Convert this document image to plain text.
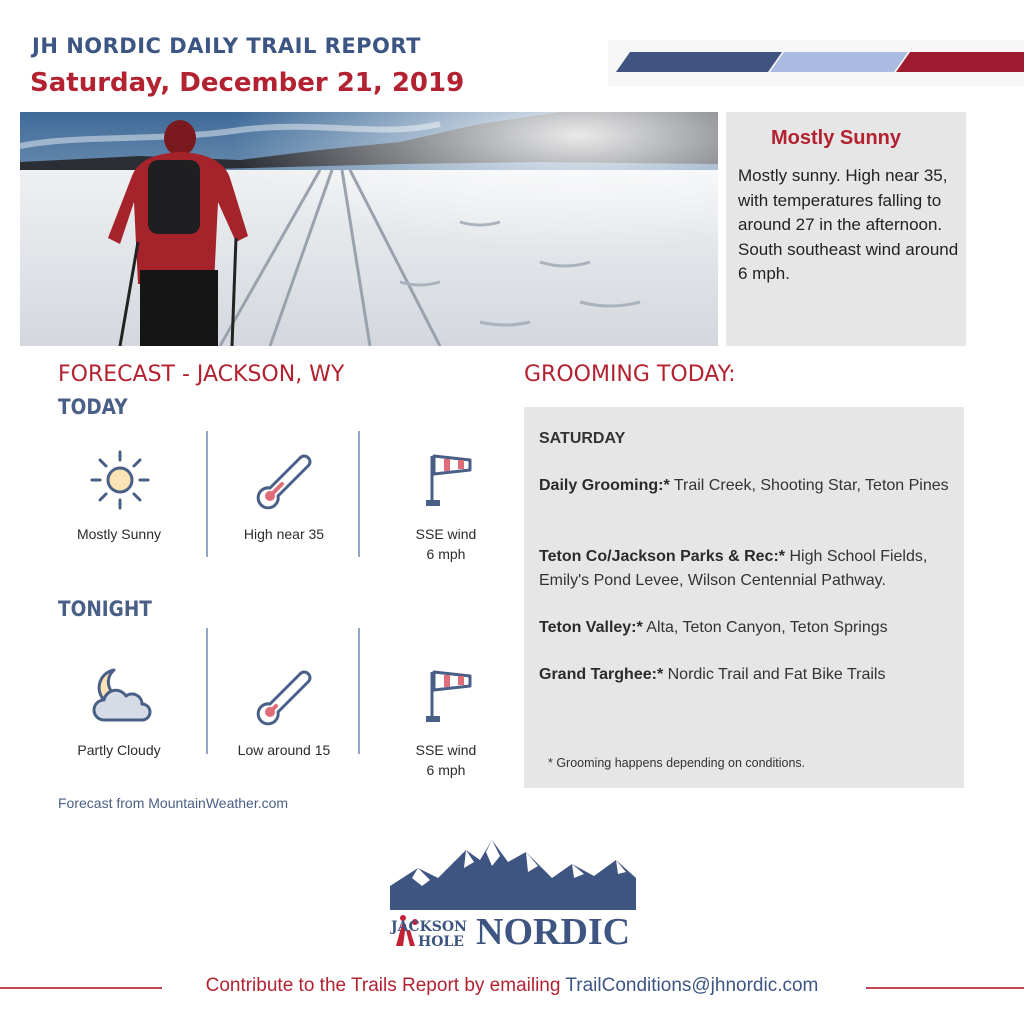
JH NORDIC DAILY TRAIL REPORT
Saturday, December 21, 2019
Mostly Sunny
Mostly sunny. High near 35, with temperatures falling to around 27 in the afternoon. South southeast wind around 6 mph.
FORECAST - JACKSON, WY
TODAY
Mostly Sunny	High near 35	SSE wind
6 mph
TONIGHT
Partly Cloudy	Low around 15	SSE wind
6 mph
Forecast from MountainWeather.com
GROOMING TODAY:
SATURDAY
Daily Grooming:* Trail Creek, Shooting Star, Teton Pines
Teton Co/Jackson Parks & Rec:* High School Fields, Emily's Pond Levee, Wilson Centennial Pathway.
Teton Valley:* Alta, Teton Canyon, Teton Springs
Grand Targhee:* Nordic Trail and Fat Bike Trails
* Grooming happens depending on conditions.
JACKSON
HOLE NORDIC
Contribute to the Trails Report by emailing TrailConditions@jhnordic.com
